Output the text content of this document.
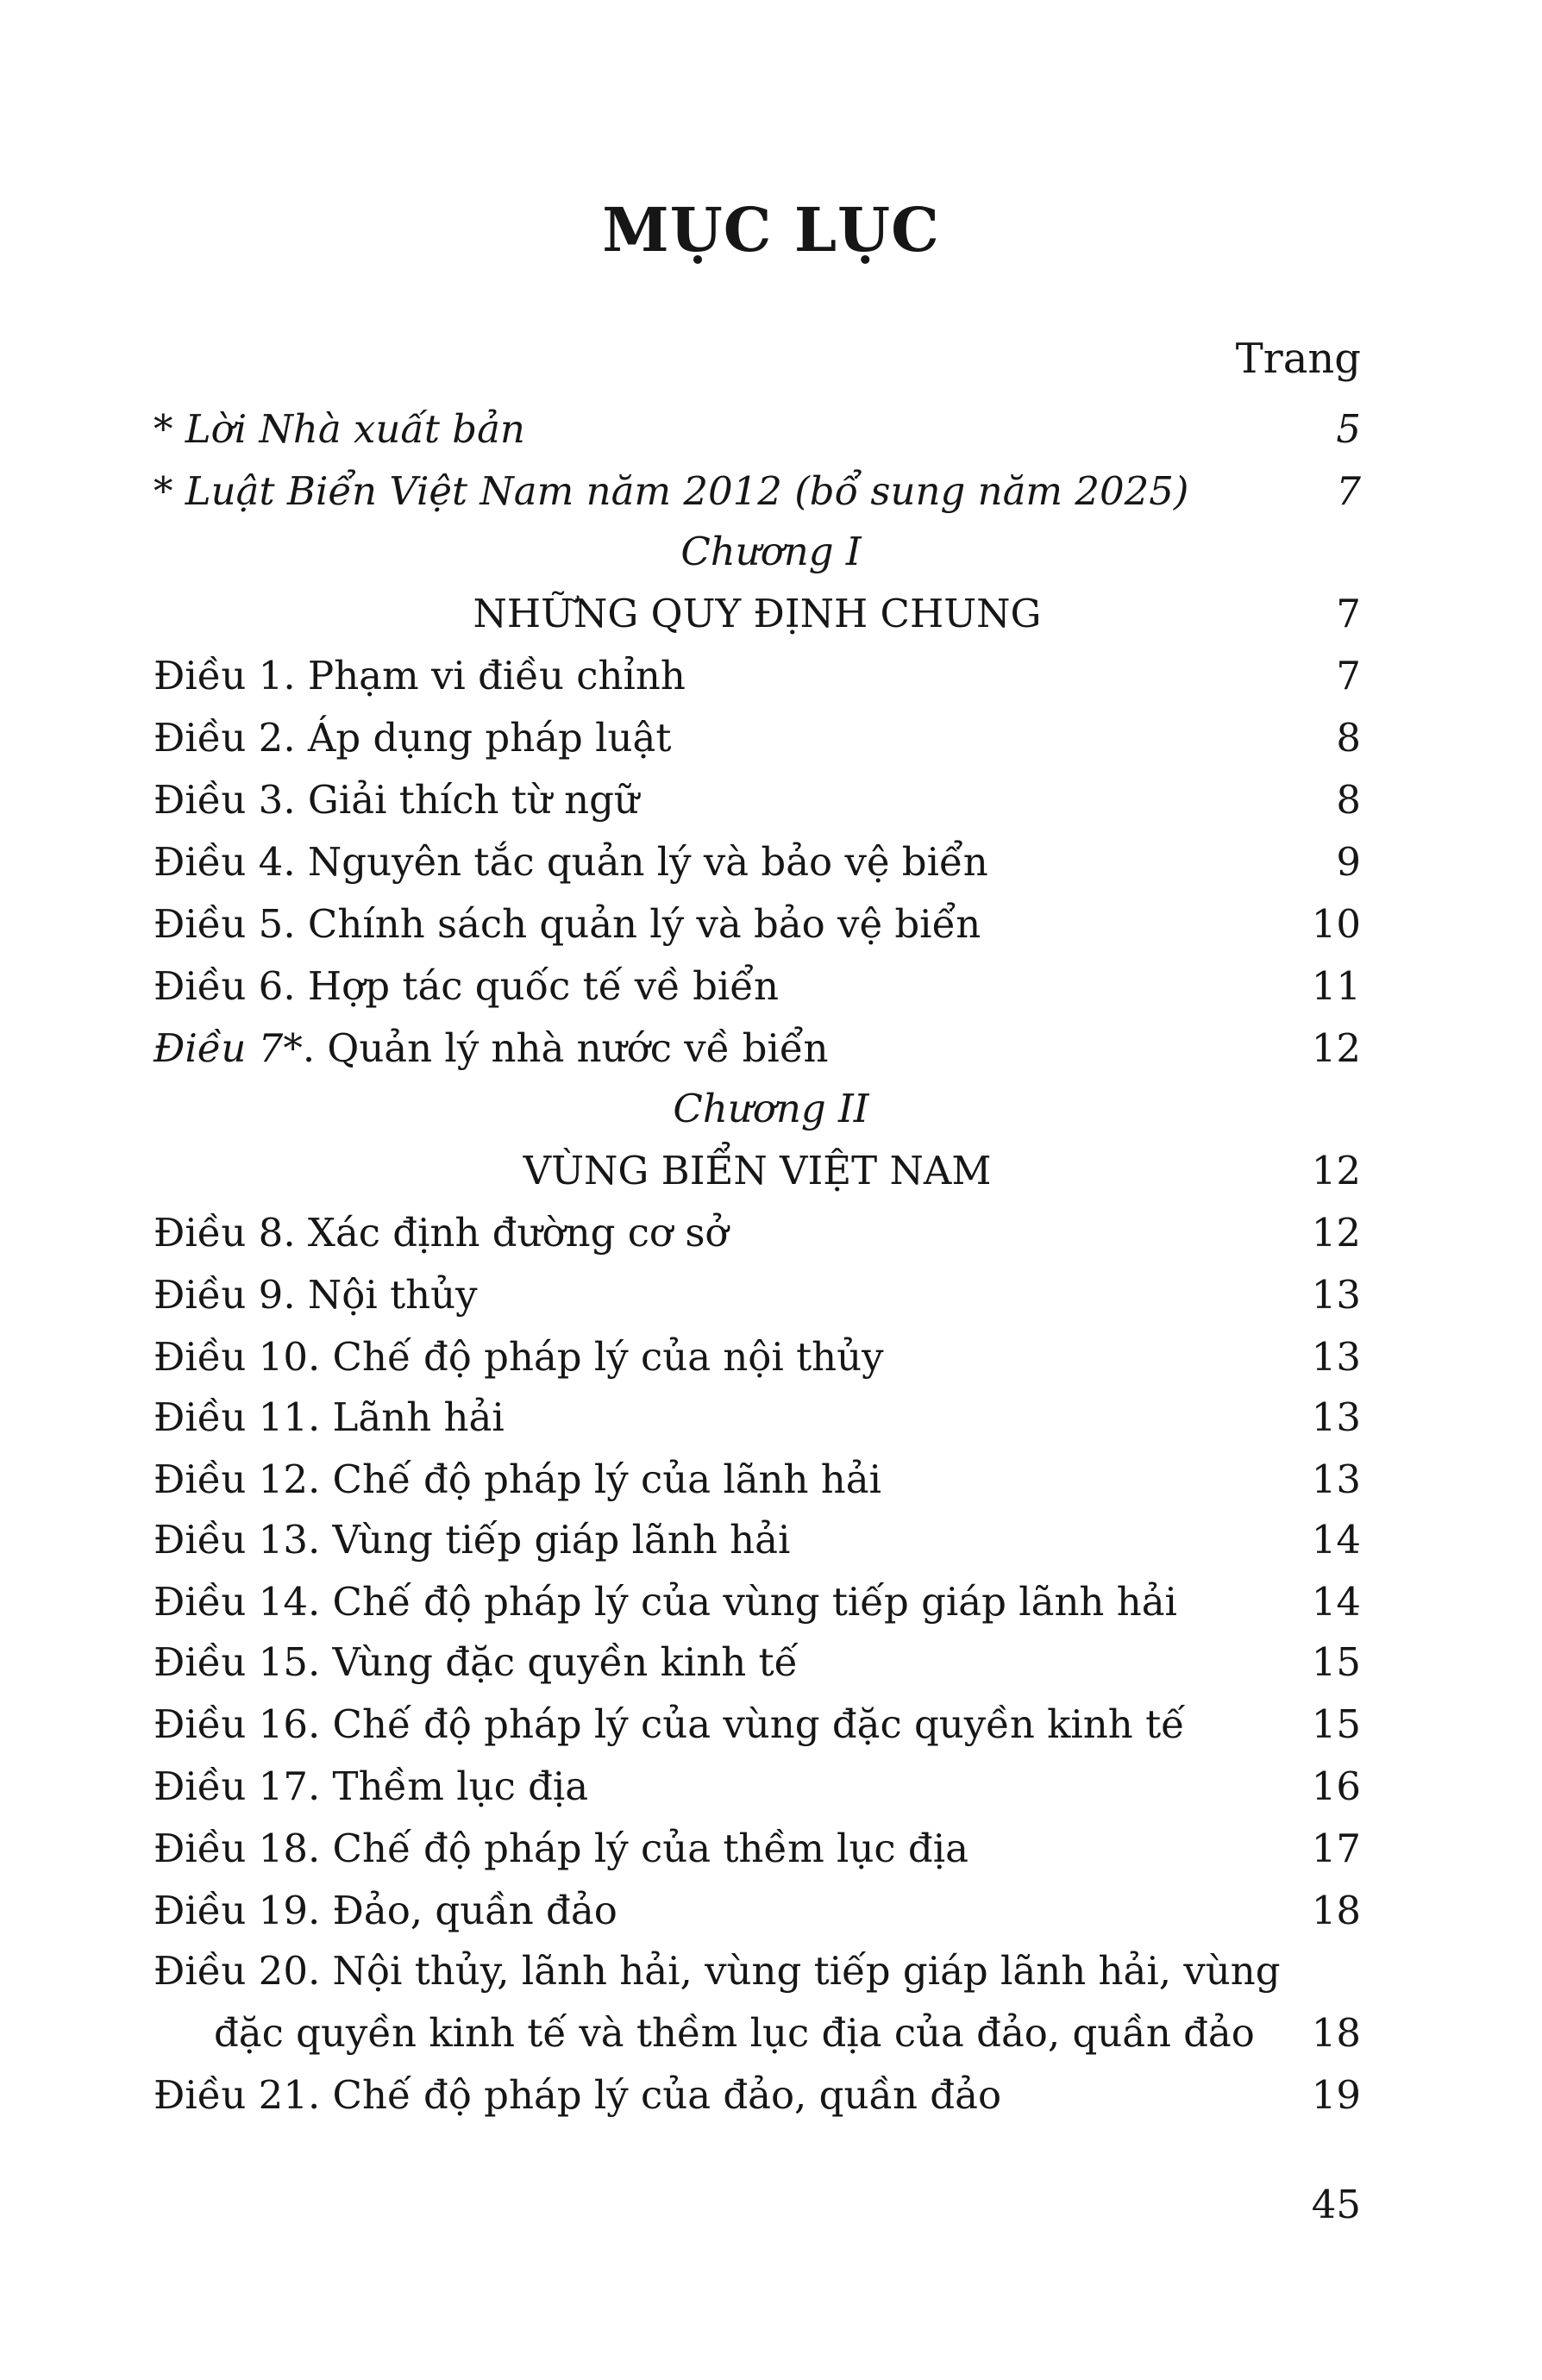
MỤC LỤC
Trang
* Lời Nhà xuất bản	5
* Luật Biển Việt Nam năm 2012 (bổ sung năm 2025)	7
Chương I
NHỮNG QUY ĐỊNH CHUNG	7
Điều 1. Phạm vi điều chỉnh	7
Điều 2. Áp dụng pháp luật	8
Điều 3. Giải thích từ ngữ	8
Điều 4. Nguyên tắc quản lý và bảo vệ biển	9
Điều 5. Chính sách quản lý và bảo vệ biển	10
Điều 6. Hợp tác quốc tế về biển	11
Điều 7*. Quản lý nhà nước về biển	12
Chương II
VÙNG BIỂN VIỆT NAM	12
Điều 8. Xác định đường cơ sở	12
Điều 9. Nội thủy	13
Điều 10. Chế độ pháp lý của nội thủy	13
Điều 11. Lãnh hải	13
Điều 12. Chế độ pháp lý của lãnh hải	13
Điều 13. Vùng tiếp giáp lãnh hải	14
Điều 14. Chế độ pháp lý của vùng tiếp giáp lãnh hải	14
Điều 15. Vùng đặc quyền kinh tế	15
Điều 16. Chế độ pháp lý của vùng đặc quyền kinh tế	15
Điều 17. Thềm lục địa	16
Điều 18. Chế độ pháp lý của thềm lục địa	17
Điều 19. Đảo, quần đảo	18
Điều 20. Nội thủy, lãnh hải, vùng tiếp giáp lãnh hải, vùng
đặc quyền kinh tế và thềm lục địa của đảo, quần đảo 18
Điều 21. Chế độ pháp lý của đảo, quần đảo	19
45
